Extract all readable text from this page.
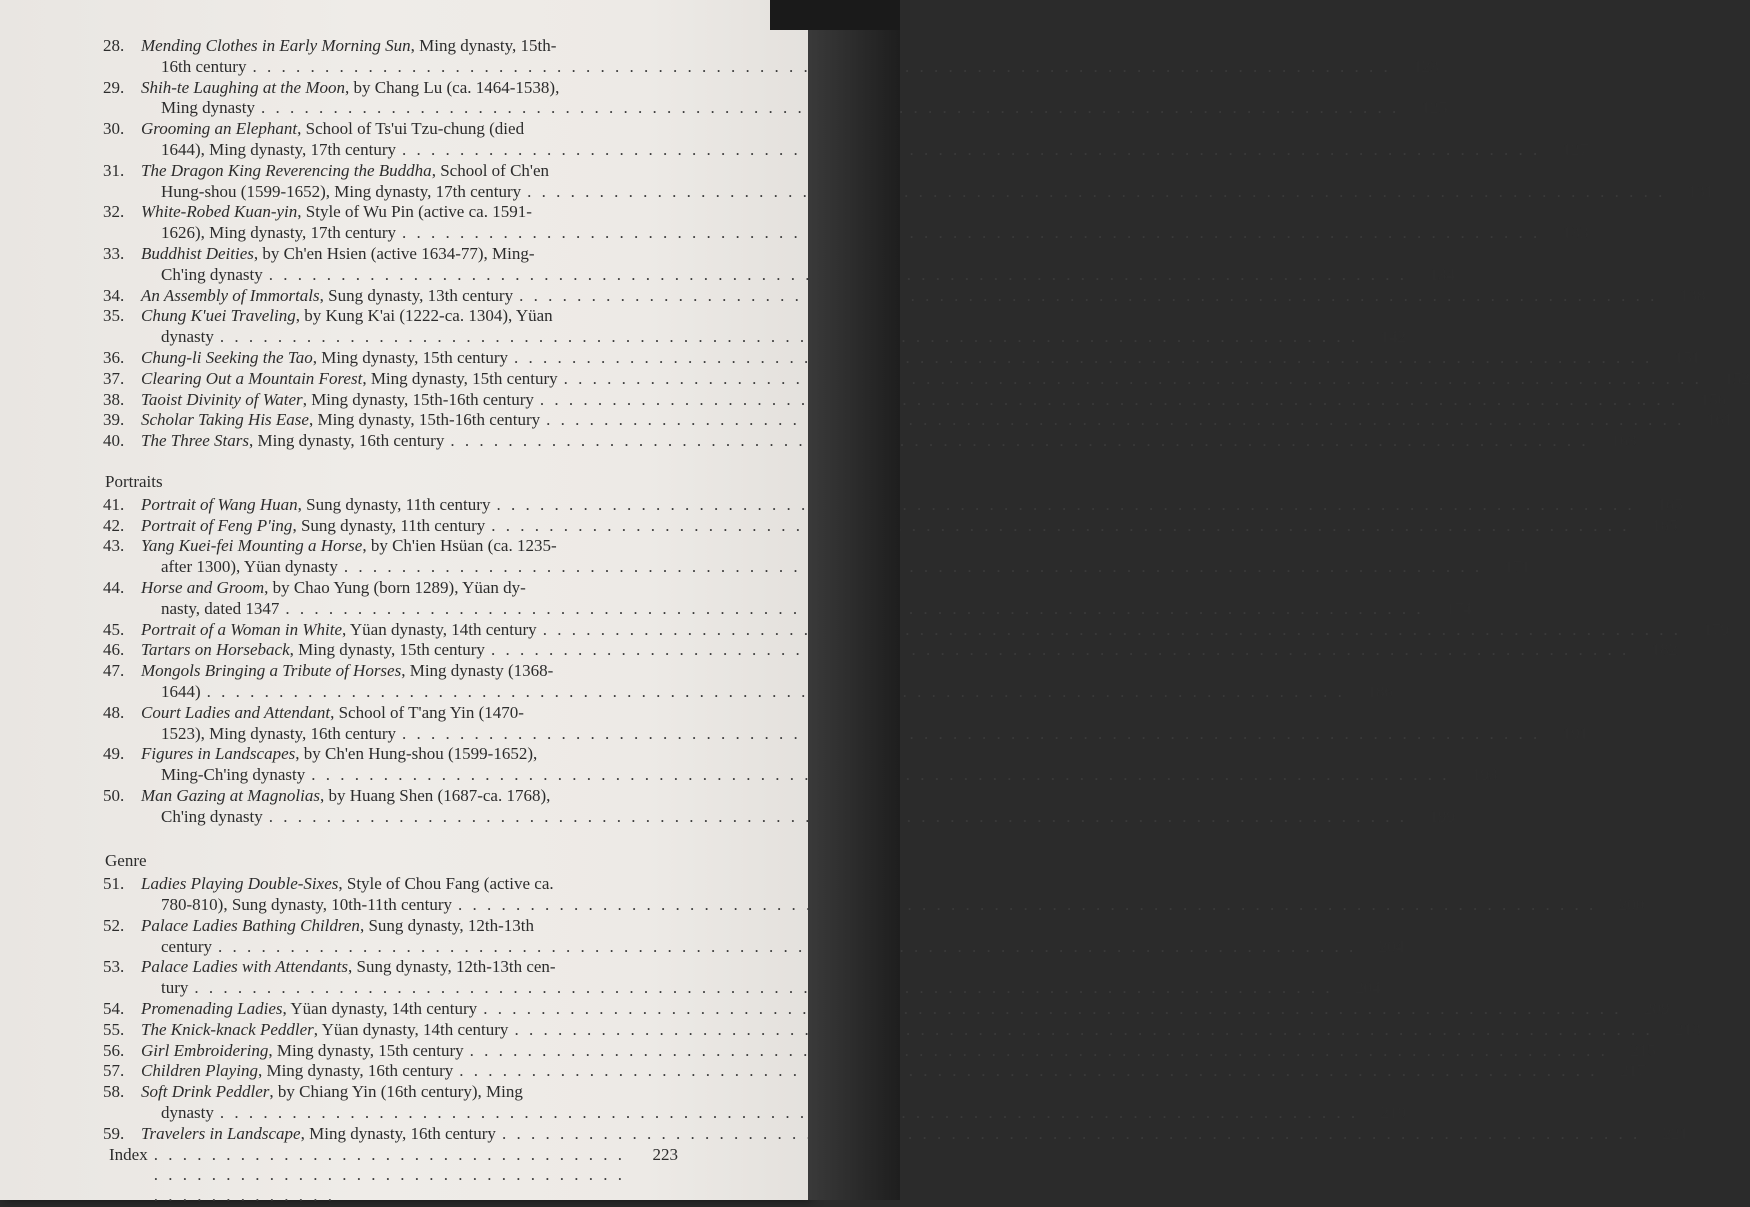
28. Mending Clothes in Early Morning Sun, Ming dynasty, 15th-
16th century . . .	123
29. Shih-te Laughing at the Moon, by Chang Lu (ca. 1464-1538),
Ming dynasty . . .	125
30. Grooming an Elephant, School of Ts'ui Tzu-chung (died
1644), Ming dynasty, 17th century . . .	127
31. The Dragon King Reverencing the Buddha, School of Ch'en
Hung-shou (1599-1652), Ming dynasty, 17th century . . .	131
32. White-Robed Kuan-yin, Style of Wu Pin (active ca. 1591-
1626), Ming dynasty, 17th century . . .	133
33. Buddhist Deities, by Ch'en Hsien (active 1634-77), Ming-
Ch'ing dynasty . . .	134
34. An Assembly of Immortals, Sung dynasty, 13th century . . .	138
35. Chung K'uei Traveling, by Kung K'ai (1222-ca. 1304), Yüan
dynasty . . .	142
36. Chung-li Seeking the Tao, Ming dynasty, 15th century . . .	151
37. Clearing Out a Mountain Forest, Ming dynasty, 15th century . . .	152
38. Taoist Divinity of Water, Ming dynasty, 15th-16th century . . .	156
39. Scholar Taking His Ease, Ming dynasty, 15th-16th century . . .	161
40. The Three Stars, Ming dynasty, 16th century . . .	163
Portraits
41. Portrait of Wang Huan, Sung dynasty, 11th century . . .	165
42. Portrait of Feng P'ing, Sung dynasty, 11th century . . .	165
43. Yang Kuei-fei Mounting a Horse, by Ch'ien Hsüan (ca. 1235-
after 1300), Yüan dynasty . . .	171
44. Horse and Groom, by Chao Yung (born 1289), Yüan dy-
nasty, dated 1347 . . .	174
45. Portrait of a Woman in White, Yüan dynasty, 14th century . . .	179
46. Tartars on Horseback, Ming dynasty, 15th century . . .	182
47. Mongols Bringing a Tribute of Horses, Ming dynasty (1368-
1644) . . .	186
48. Court Ladies and Attendant, School of T'ang Yin (1470-
1523), Ming dynasty, 16th century . . .	191
49. Figures in Landscapes, by Ch'en Hung-shou (1599-1652),
Ming-Ch'ing dynasty . . .	193
50. Man Gazing at Magnolias, by Huang Shen (1687-ca. 1768),
Ch'ing dynasty . . .	199
Genre
51. Ladies Playing Double-Sixes, Style of Chou Fang (active ca.
780-810), Sung dynasty, 10th-11th century . . .	200
52. Palace Ladies Bathing Children, Sung dynasty, 12th-13th
century . . .	204
53. Palace Ladies with Attendants, Sung dynasty, 12th-13th cen-
tury . . .	204
54. Promenading Ladies, Yüan dynasty, 14th century . . .	209
55. The Knick-knack Peddler, Yüan dynasty, 14th century . . .	213
56. Girl Embroidering, Ming dynasty, 15th century . . .	215
57. Children Playing, Ming dynasty, 16th century . . .	217
58. Soft Drink Peddler, by Chiang Yin (16th century), Ming
dynasty . . .	219
59. Travelers in Landscape, Ming dynasty, 16th century . . .	221
Index . . .	223
